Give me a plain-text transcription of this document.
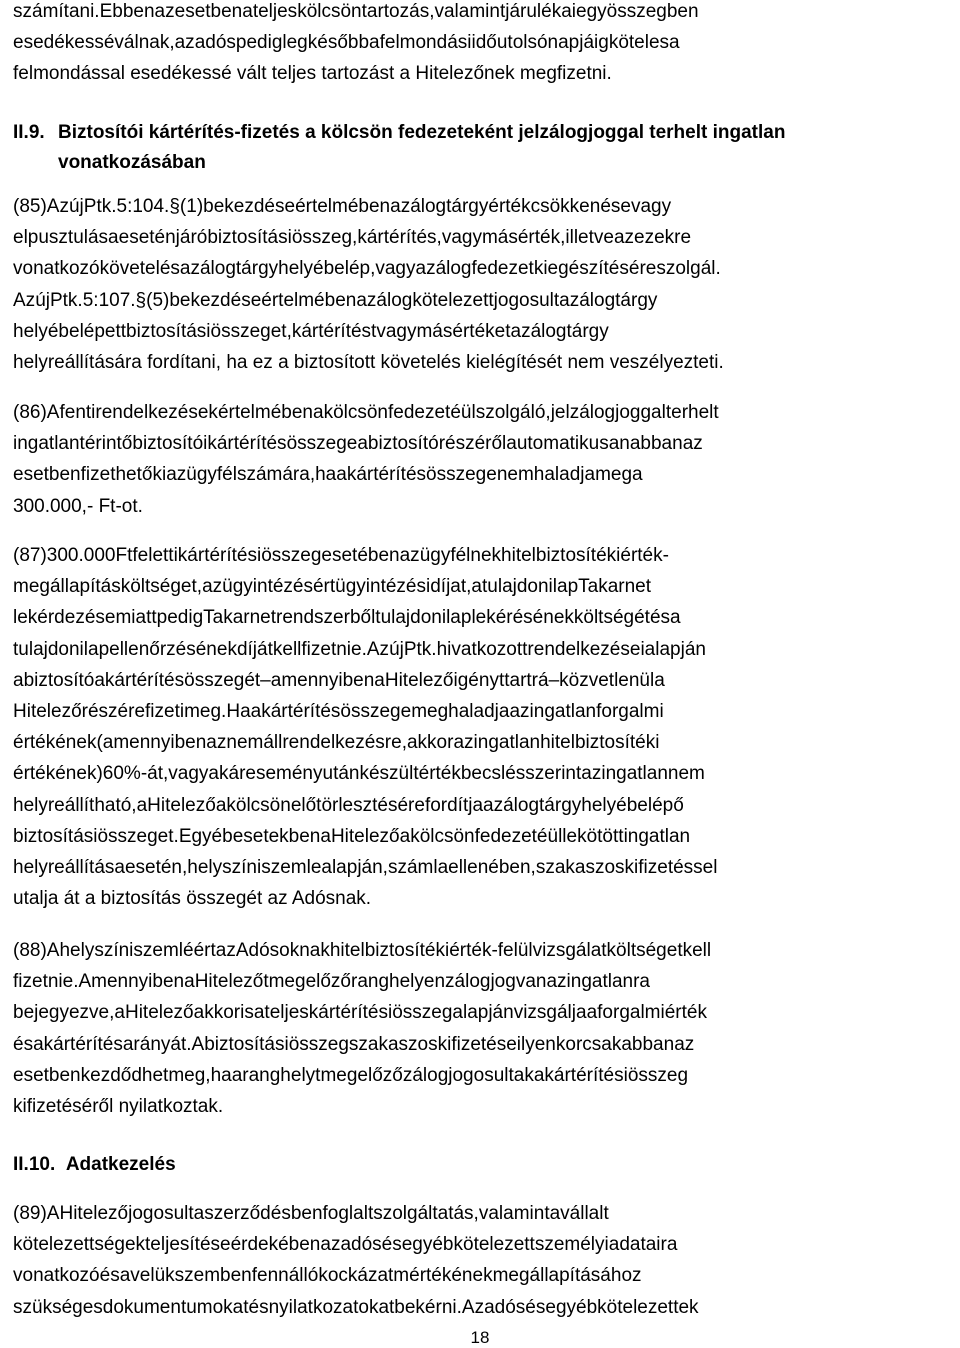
számítani.Ebbenazesetbenateljeskölcsöntartozás,valamintjárulékaiegyösszegben
esedékesséválnak,azadóspediglegkésőbbafelmondásiidőutolsónapjáigkötelesa
felmondással esedékessé vált teljes tartozást a Hitelezőnek megfizetni.
II.9. Biztosítói kártérítés-fizetés a kölcsön fedezeteként jelzálogjoggal terhelt ingatlan
vonatkozásában
(85)AzújPtk.5:104.§(1)bekezdéseértelmébenazálogtárgyértékcsökkenésevagy
elpusztulásaeseténjáróbiztosításiösszeg,kártérítés,vagymásérték,illetveazezekre
vonatkozókövetelésazálogtárgyhelyébelép,vagyazálogfedezetkiegészítéséreszolgál.
AzújPtk.5:107.§(5)bekezdéseértelmébenazálogkötelezettjogosultazálogtárgy
helyébelépettbiztosításiösszeget,kártérítéstvagymásértéketazálogtárgy
helyreállítására fordítani, ha ez a biztosított követelés kielégítését nem veszélyezteti.
(86)Afentirendelkezésekértelmébenakölcsönfedezetéülszolgáló,jelzálogjoggalterhelt
ingatlantérintőbiztosítóikártérítésösszegeabiztosítórészérőlautomatikusanabbanaz
esetbenfizethetőkiazügyfélszámára,haakártérítésösszegenemhaladjamega
300.000,- Ft-ot.
(87)300.000Ftfelettikártérítésiösszegesetébenazügyfélnekhitelbiztosítékiérték-
megállapításköltséget,azügyintézésértügyintézésidíjat,atulajdonilapTakarnet
lekérdezésemiattpedigTakarnetrendszerbőltulajdonilaplekérésénekköltségétésa
tulajdonilapellenőrzésénekdíjátkellfizetnie.AzújPtk.hivatkozottrendelkezéseialapján
abiztosítóakártérítésösszegét–amennyibenaHitelezőigényttartrá–közvetlenüla
Hitelezőrészérefizetimeg.Haakártérítésösszegemeghaladjaazingatlanforgalmi
értékének(amennyibenaznemállrendelkezésre,akkorazingatlanhitelbiztosítéki
értékének)60%-át,vagyakáreseményutánkészültértékbecslésszerintazingatlannem
helyreállítható,aHitelezőakölcsönelőtörlesztésérefordítjaazálogtárgyhelyébelépő
biztosításiösszeget.EgyébesetekbenaHitelezőakölcsönfedezetéüllekötöttingatlan
helyreállításaesetén,helyszíniszemlealapján,számlaellenében,szakaszoskifizetéssel
utalja át a biztosítás összegét az Adósnak.
(88)AhelyszíniszemléértazAdósoknakhitelbiztosítékiérték-felülvizsgálatköltségetkell
fizetnie.AmennyibenaHitelezőtmegelőzőranghelyenzálogjogvanazingatlanra
bejegyezve,aHitelezőakkorisateljeskártérítésiösszegalapjánvizsgáljaaforgalmiérték
ésakártérítésarányát.Abiztosításiösszegszakaszoskifizetéseilyenkorcsakabbanaz
esetbenkezdődhetmeg,haaranghelytmegelőzőzálogjogosultakakártérítésiösszeg
kifizetéséről nyilatkoztak.
II.10. Adatkezelés
(89)AHitelezőjogosultaszerződésbenfoglaltszolgáltatás,valamintavállalt
kötelezettségekteljesítéseérdekébenazadósésegyébkötelezettszemélyiadataira
vonatkozóésavelükszembenfennállókockázatmértékénekmegállapításához
szükségesdokumentumokatésnyilatkozatokatbekérni.Azadósésegyébkötelezettek
18
